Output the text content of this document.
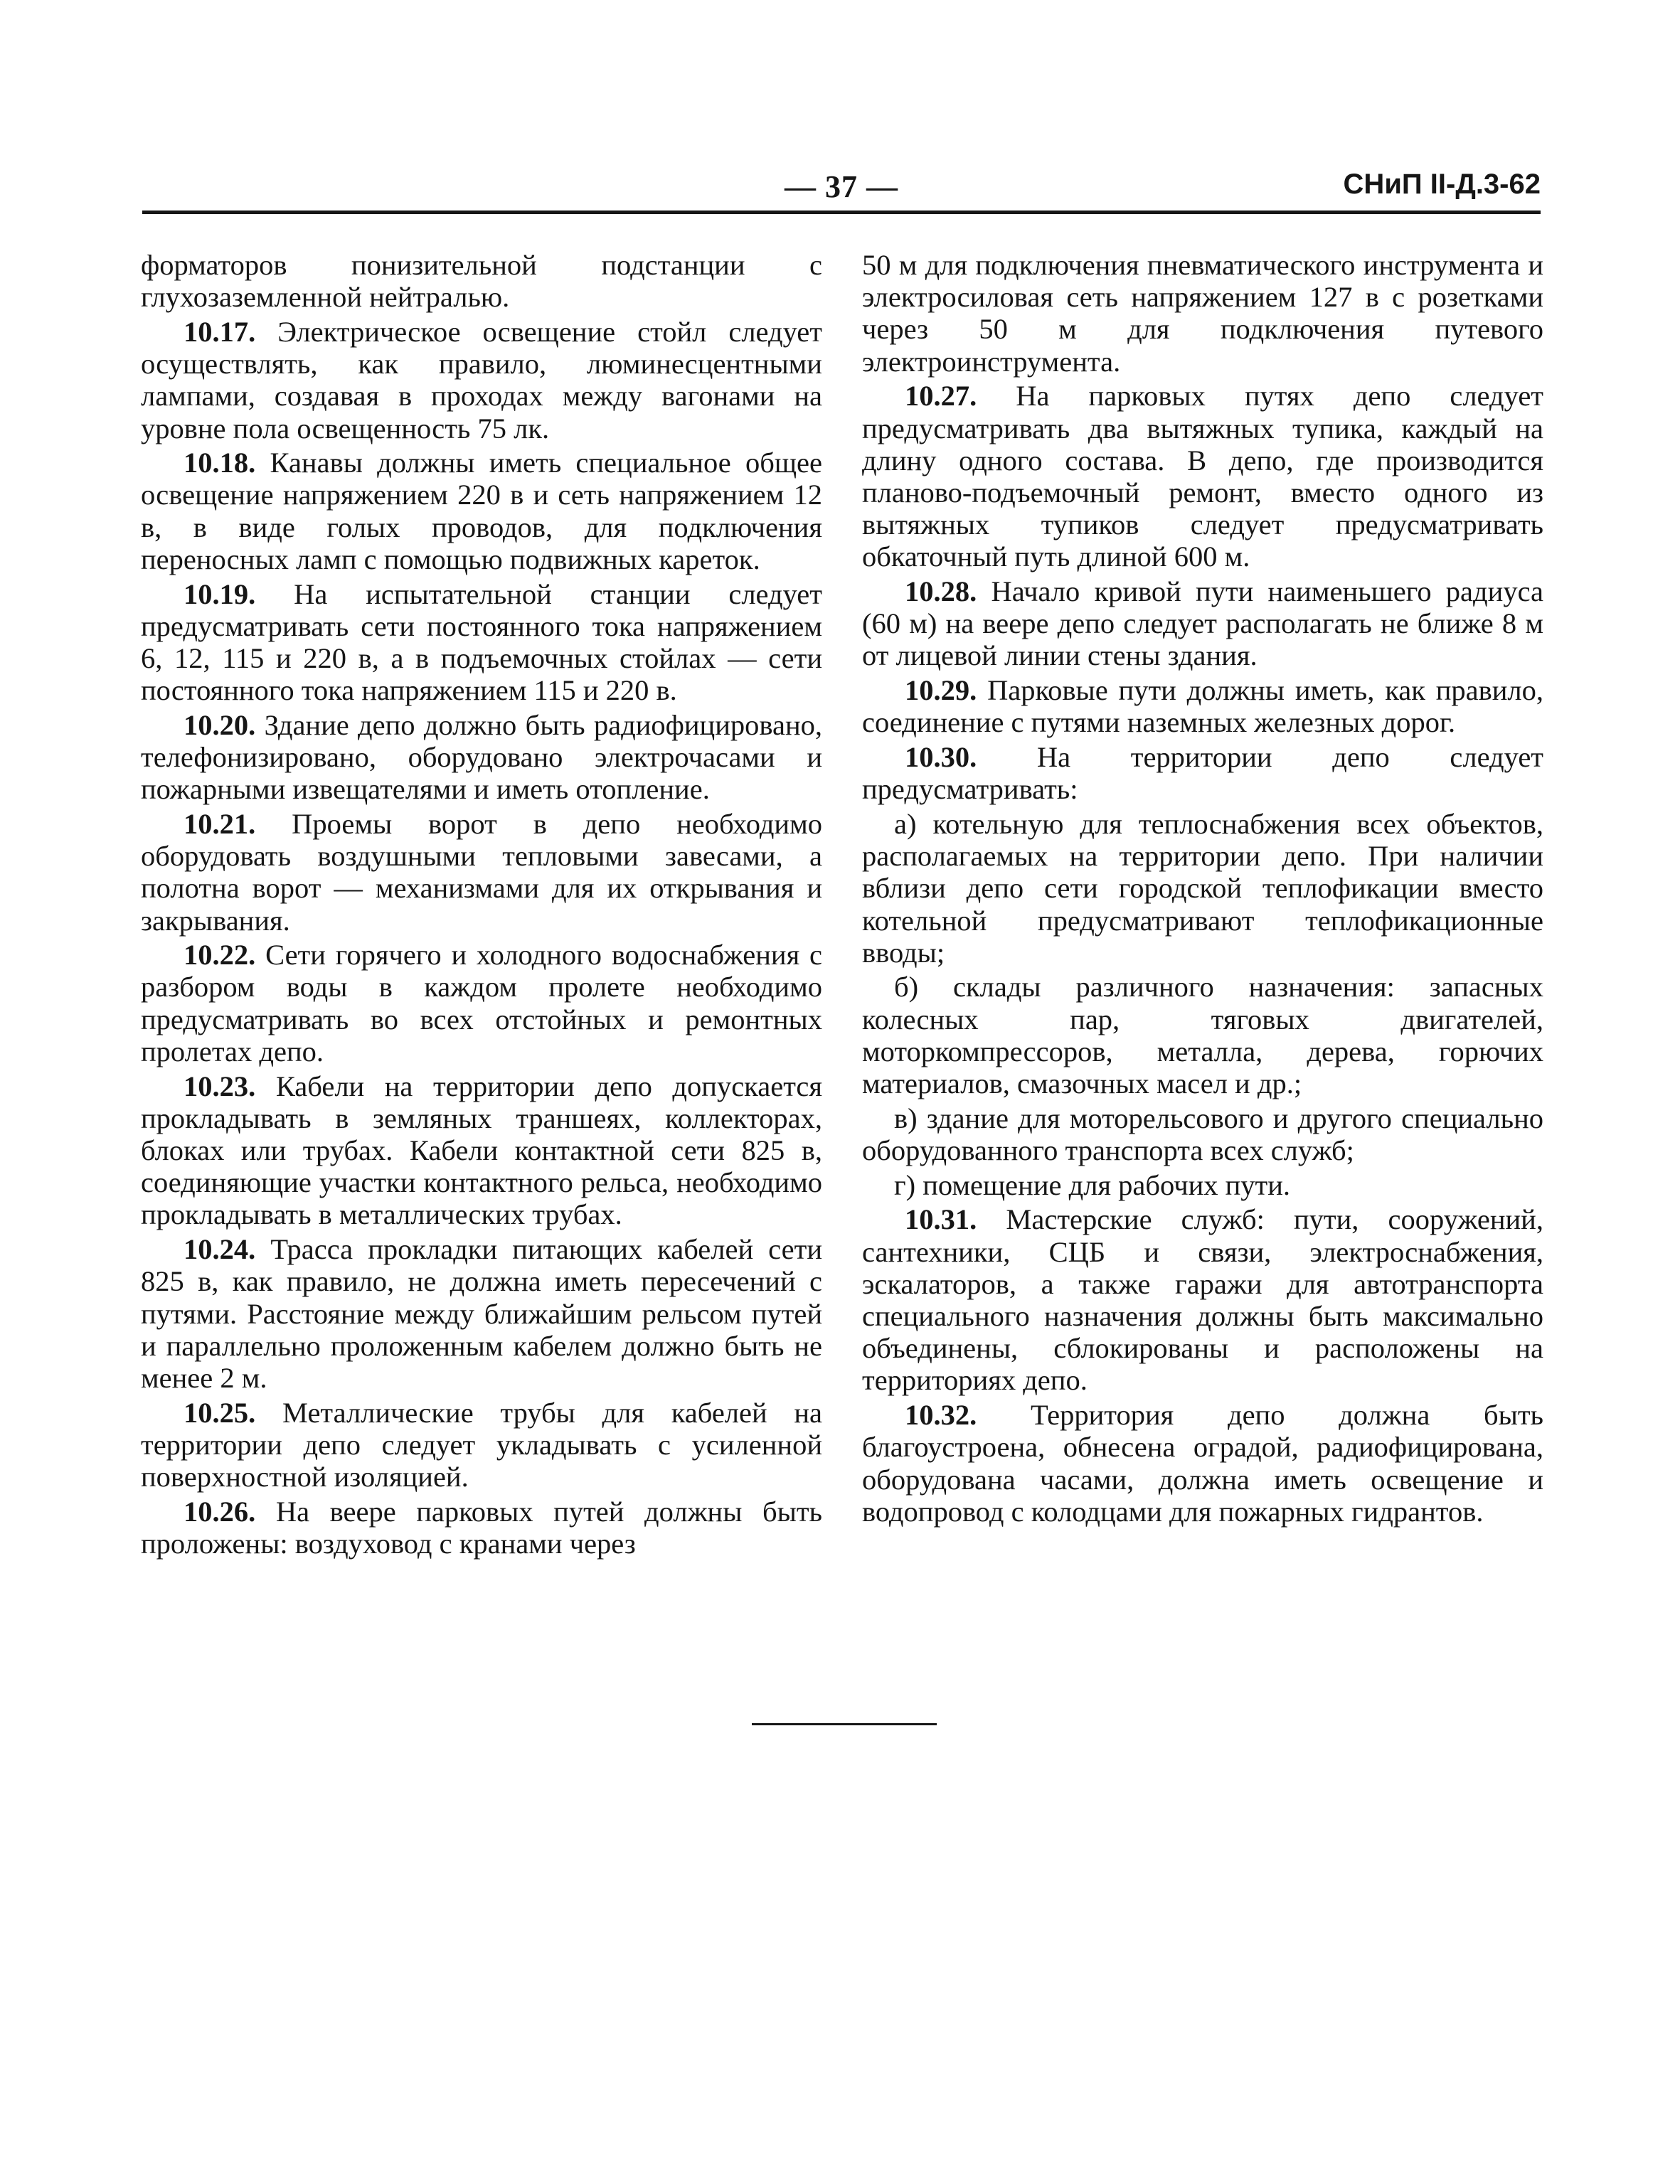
— 37 —	СНиП II-Д.3-62

форматоров понизительной подстанции с глухозаземленной нейтралью.

10.17. Электрическое освещение стойл следует осуществлять, как правило, люминесцентными лампами, создавая в проходах между вагонами на уровне пола освещенность 75 лк.

10.18. Канавы должны иметь специальное общее освещение напряжением 220 в и сеть напряжением 12 в, в виде голых проводов, для подключения переносных ламп с помощью подвижных кареток.

10.19. На испытательной станции следует предусматривать сети постоянного тока напряжением 6, 12, 115 и 220 в, а в подъемочных стойлах — сети постоянного тока напряжением 115 и 220 в.

10.20. Здание депо должно быть радиофицировано, телефонизировано, оборудовано электрочасами и пожарными извещателями и иметь отопление.

10.21. Проемы ворот в депо необходимо оборудовать воздушными тепловыми завесами, а полотна ворот — механизмами для их открывания и закрывания.

10.22. Сети горячего и холодного водоснабжения с разбором воды в каждом пролете необходимо предусматривать во всех отстойных и ремонтных пролетах депо.

10.23. Кабели на территории депо допускается прокладывать в земляных траншеях, коллекторах, блоках или трубах. Кабели контактной сети 825 в, соединяющие участки контактного рельса, необходимо прокладывать в металлических трубах.

10.24. Трасса прокладки питающих кабелей сети 825 в, как правило, не должна иметь пересечений с путями. Расстояние между ближайшим рельсом путей и параллельно проложенным кабелем должно быть не менее 2 м.

10.25. Металлические трубы для кабелей на территории депо следует укладывать с усиленной поверхностной изоляцией.

10.26. На веере парковых путей должны быть проложены: воздуховод с кранами через

50 м для подключения пневматического инструмента и электросиловая сеть напряжением 127 в с розетками через 50 м для подключения путевого электроинструмента.

10.27. На парковых путях депо следует предусматривать два вытяжных тупика, каждый на длину одного состава. В депо, где производится планово-подъемочный ремонт, вместо одного из вытяжных тупиков следует предусматривать обкаточный путь длиной 600 м.

10.28. Начало кривой пути наименьшего радиуса (60 м) на веере депо следует располагать не ближе 8 м от лицевой линии стены здания.

10.29. Парковые пути должны иметь, как правило, соединение с путями наземных железных дорог.

10.30. На территории депо следует предусматривать:

а) котельную для теплоснабжения всех объектов, располагаемых на территории депо. При наличии вблизи депо сети городской теплофикации вместо котельной предусматривают теплофикационные вводы;

б) склады различного назначения: запасных колесных пар, тяговых двигателей, моторкомпрессоров, металла, дерева, горючих материалов, смазочных масел и др.;

в) здание для моторельсового и другого специально оборудованного транспорта всех служб;

г) помещение для рабочих пути.

10.31. Мастерские служб: пути, сооружений, сантехники, СЦБ и связи, электроснабжения, эскалаторов, а также гаражи для автотранспорта специального назначения должны быть максимально объединены, сблокированы и расположены на территориях депо.

10.32. Территория депо должна быть благоустроена, обнесена оградой, радиофицирована, оборудована часами, должна иметь освещение и водопровод с колодцами для пожарных гидрантов.
